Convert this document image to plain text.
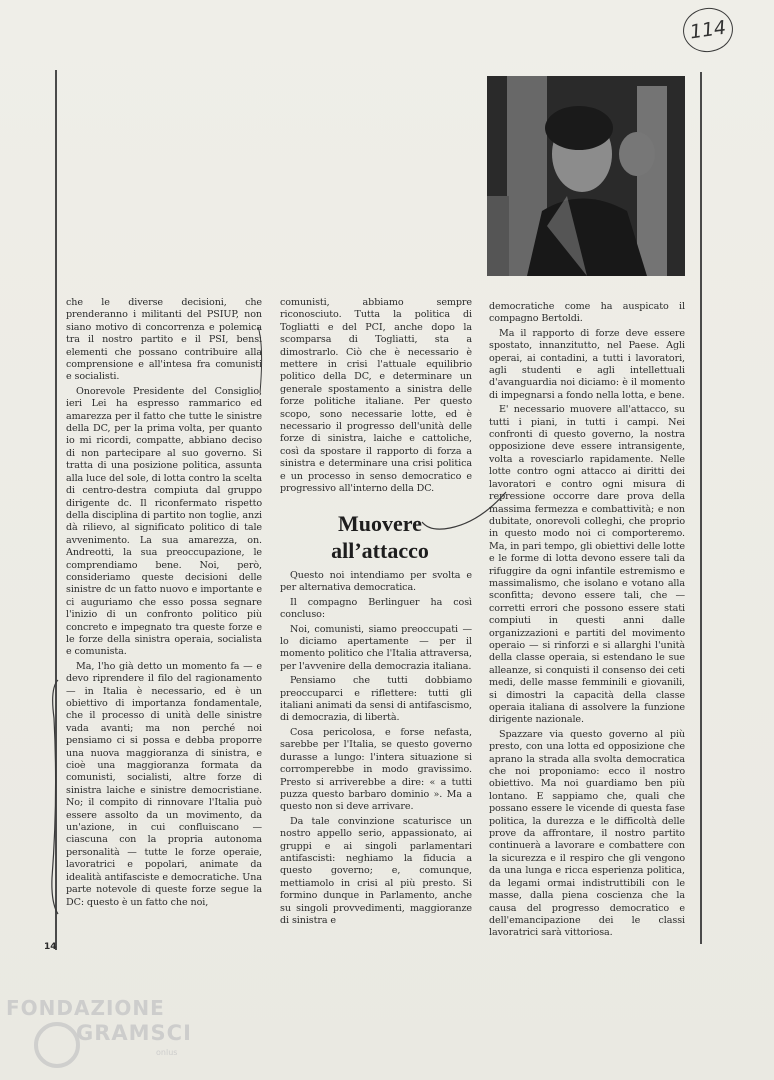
114

che le diverse decisioni, che prenderanno i militanti del PSIUP, non siano motivo di concorrenza e polemica tra il nostro partito e il PSI, bensì elementi che possano contribuire alla comprensione e all'intesa fra comunisti e socialisti.

Onorevole Presidente del Consiglio, ieri Lei ha espresso rammarico ed amarezza per il fatto che tutte le sinistre della DC, per la prima volta, per quanto io mi ricordi, compatte, abbiano deciso di non partecipare al suo governo. Si tratta di una posizione politica, assunta alla luce del sole, di lotta contro la scelta di centro-destra compiuta dal gruppo dirigente dc. Il riconfermato rispetto della disciplina di partito non toglie, anzi dà rilievo, al significato politico di tale avvenimento. La sua amarezza, on. Andreotti, la sua preoccupazione, le comprendiamo bene. Noi, però, consideriamo queste decisioni delle sinistre dc un fatto nuovo e importante e ci auguriamo che esso possa segnare l'inizio di un confronto politico più concreto e impegnato tra queste forze e le forze della sinistra operaia, socialista e comunista.

Ma, l'ho già detto un momento fa — e devo riprendere il filo del ragionamento — in Italia è necessario, ed è un obiettivo di importanza fondamentale, che il processo di unità delle sinistre vada avanti; ma non perché noi pensiamo ci si possa e debba proporre una nuova maggioranza di sinistra, e cioè una maggioranza formata da comunisti, socialisti, altre forze di sinistra laiche e sinistre democristiane. No; il compito di rinnovare l'Italia può essere assolto da un movimento, da un'azione, in cui confluiscano — ciascuna con la propria autonoma personalità — tutte le forze operaie, lavoratrici e popolari, animate da idealità antifasciste e democratiche. Una parte notevole di queste forze segue la DC: questo è un fatto che noi,

comunisti, abbiamo sempre riconosciuto. Tutta la politica di Togliatti e del PCI, anche dopo la scomparsa di Togliatti, sta a dimostrarlo. Ciò che è necessario è mettere in crisi l'attuale equilibrio politico della DC, e determinare un generale spostamento a sinistra delle forze politiche italiane. Per questo scopo, sono necessarie lotte, ed è necessario il progresso dell'unità delle forze di sinistra, laiche e cattoliche, così da spostare il rapporto di forza a sinistra e determinare una crisi politica e un processo in senso democratico e progressivo all'interno della DC.

Muovere all’attacco

Questo noi intendiamo per svolta e per alternativa democratica.

Il compagno Berlinguer ha così concluso:

Noi, comunisti, siamo preoccupati — lo diciamo apertamente — per il momento politico che l'Italia attraversa, per l'avvenire della democrazia italiana.

Pensiamo che tutti dobbiamo preoccuparci e riflettere: tutti gli italiani animati da sensi di antifascismo, di democrazia, di libertà.

Cosa pericolosa, e forse nefasta, sarebbe per l'Italia, se questo governo durasse a lungo: l'intera situazione si corromperebbe in modo gravissimo. Presto si arriverebbe a dire: « a tutti puzza questo barbaro dominio ». Ma a questo non si deve arrivare.

Da tale convinzione scaturisce un nostro appello serio, appassionato, ai gruppi e ai singoli parlamentari antifascisti: neghiamo la fiducia a questo governo; e, comunque, mettiamolo in crisi al più presto. Si formino dunque in Parlamento, anche su singoli provvedimenti, maggioranze di sinistra e

democratiche come ha auspicato il compagno Bertoldi.

Ma il rapporto di forze deve essere spostato, innanzitutto, nel Paese. Agli operai, ai contadini, a tutti i lavoratori, agli studenti e agli intellettuali d'avanguardia noi diciamo: è il momento di impegnarsi a fondo nella lotta, e bene.

E' necessario muovere all'attacco, su tutti i piani, in tutti i campi. Nei confronti di questo governo, la nostra opposizione deve essere intransigente, volta a rovesciarlo rapidamente. Nelle lotte contro ogni attacco ai diritti dei lavoratori e contro ogni misura di repressione occorre dare prova della massima fermezza e combattività; e non dubitate, onorevoli colleghi, che proprio in questo modo noi ci comporteremo. Ma, in pari tempo, gli obiettivi delle lotte e le forme di lotta devono essere tali da rifuggire da ogni infantile estremismo e massimalismo, che isolano e votano alla sconfitta; devono essere tali, che — corretti errori che possono essere stati compiuti in questi anni dalle organizzazioni e partiti del movimento operaio — si rinforzi e si allarghi l'unità della classe operaia, si estendano le sue alleanze, si conquisti il consenso dei ceti medi, delle masse femminili e giovanili, si dimostri la capacità della classe operaia italiana di assolvere la funzione dirigente nazionale.

Spazzare via questo governo al più presto, con una lotta ed opposizione che aprano la strada alla svolta democratica che noi proponiamo: ecco il nostro obiettivo. Ma noi guardiamo ben più lontano. E sappiamo che, quali che possano essere le vicende di questa fase politica, la durezza e le difficoltà delle prove da affrontare, il nostro partito continuerà a lavorare e combattere con la sicurezza e il respiro che gli vengono da una lunga e ricca esperienza politica, da legami ormai indistruttibili con le masse, dalla piena coscienza che la causa del progresso democratico e dell'emancipazione dei le classi lavoratrici sarà vittoriosa.

14
FONDAZIONE
GRAMSCI
onlus
